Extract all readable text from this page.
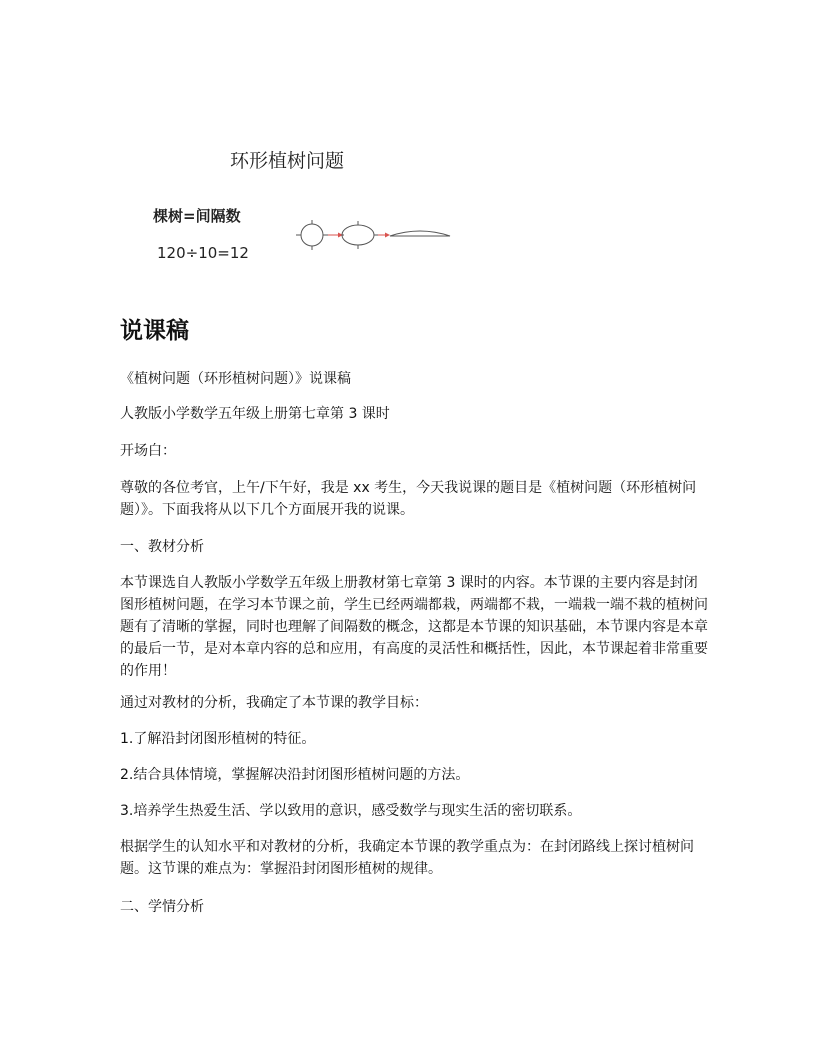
环形植树问题
棵树=间隔数
120÷10=12
说课稿

《植树问题（环形植树问题）》说课稿

人教版小学数学五年级上册第七章第 3 课时

开场白：

尊敬的各位考官，上午/下午好，我是 xx 考生，今天我说课的题目是《植树问题（环形植树问题）》。下面我将从以下几个方面展开我的说课。

一、教材分析

本节课选自人教版小学数学五年级上册教材第七章第 3 课时的内容。本节课的主要内容是封闭图形植树问题，在学习本节课之前，学生已经两端都栽，两端都不栽，一端栽一端不栽的植树问题有了清晰的掌握，同时也理解了间隔数的概念，这都是本节课的知识基础，本节课内容是本章的最后一节，是对本章内容的总和应用，有高度的灵活性和概括性，因此，本节课起着非常重要的作用！

通过对教材的分析，我确定了本节课的教学目标：

1.了解沿封闭图形植树的特征。

2.结合具体情境，掌握解决沿封闭图形植树问题的方法。

3.培养学生热爱生活、学以致用的意识，感受数学与现实生活的密切联系。

根据学生的认知水平和对教材的分析，我确定本节课的教学重点为：在封闭路线上探讨植树问题。这节课的难点为：掌握沿封闭图形植树的规律。

二、学情分析
